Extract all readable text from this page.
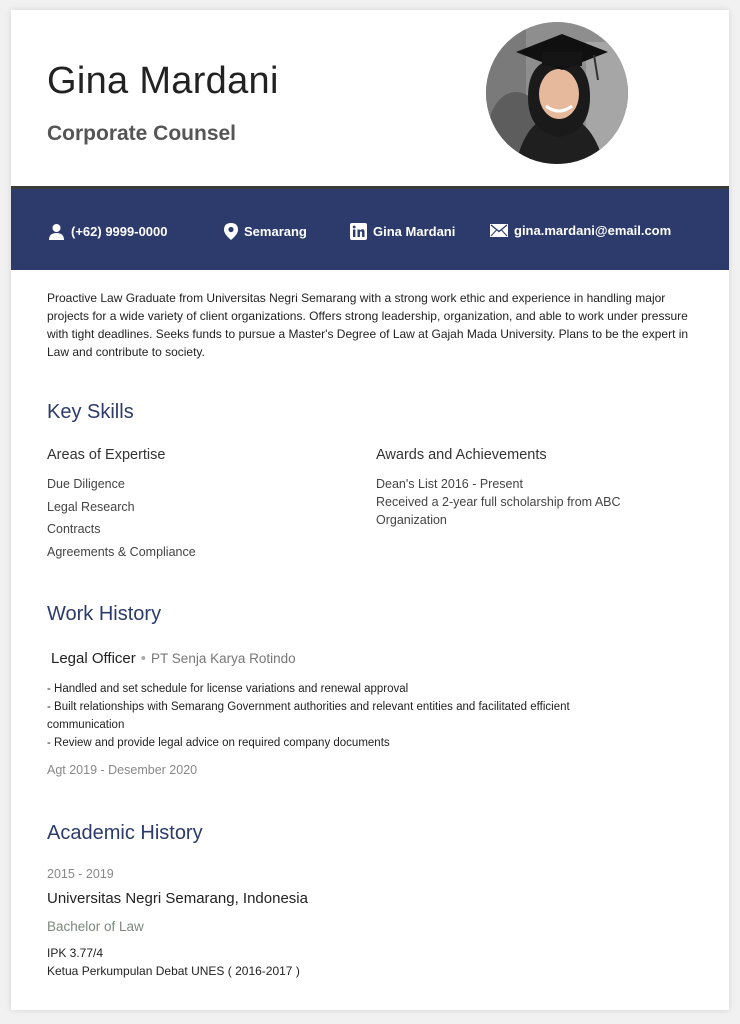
Gina Mardani
Corporate Counsel
(+62) 9999-0000	Semarang	Gina Mardani	gina.mardani@email.com

Proactive Law Graduate from Universitas Negri Semarang with a strong work ethic and experience in handling major projects for a wide variety of client organizations. Offers strong leadership, organization, and able to work under pressure with tight deadlines. Seeks funds to pursue a Master's Degree of Law at Gajah Mada University. Plans to be the expert in Law and contribute to society.

Key Skills
Areas of Expertise
Due Diligence
Legal Research
Contracts
Agreements & Compliance
Awards and Achievements
Dean's List 2016 - Present
Received a 2-year full scholarship from ABC Organization
Work History
Legal Officer • PT Senja Karya Rotindo
- Handled and set schedule for license variations and renewal approval
- Built relationships with Semarang Government authorities and relevant entities and facilitated efficient communication
- Review and provide legal advice on required company documents

Agt 2019 - Desember 2020

Academic History

2015 - 2019

Universitas Negri Semarang, Indonesia

Bachelor of Law

IPK 3.77/4

Ketua Perkumpulan Debat UNES ( 2016-2017 )
